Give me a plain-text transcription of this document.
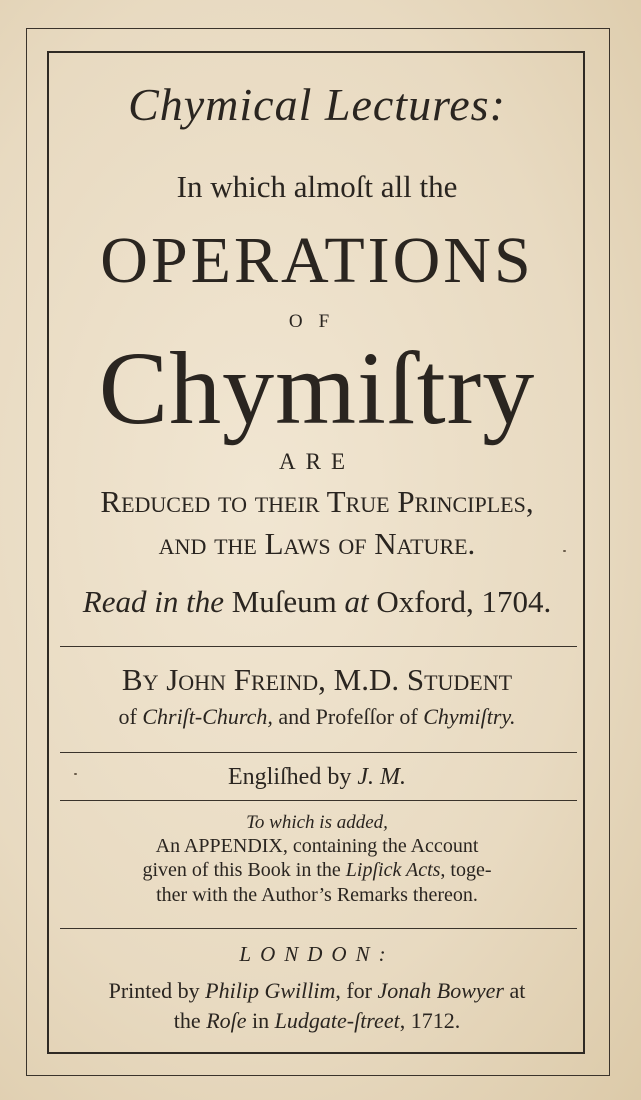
Chymical Lectures:
In which almoſt all the
OPERATIONS
OF
Chymiſtry
ARE
Reduced to their True Principles,
and the Laws of Nature.
Read in the Muſeum at Oxford, 1704.
By John Freind, M.D. Student
of Chriſt-Church, and Profeſſor of Chymiſtry.
Engliſhed by J. M.
To which is added,
An APPENDIX, containing the Account
given of this Book in the Lipſick Acts, toge-
ther with the Author’s Remarks thereon.
LONDON:
Printed by Philip Gwillim, for Jonah Bowyer at
the Roſe in Ludgate-ſtreet, 1712.
